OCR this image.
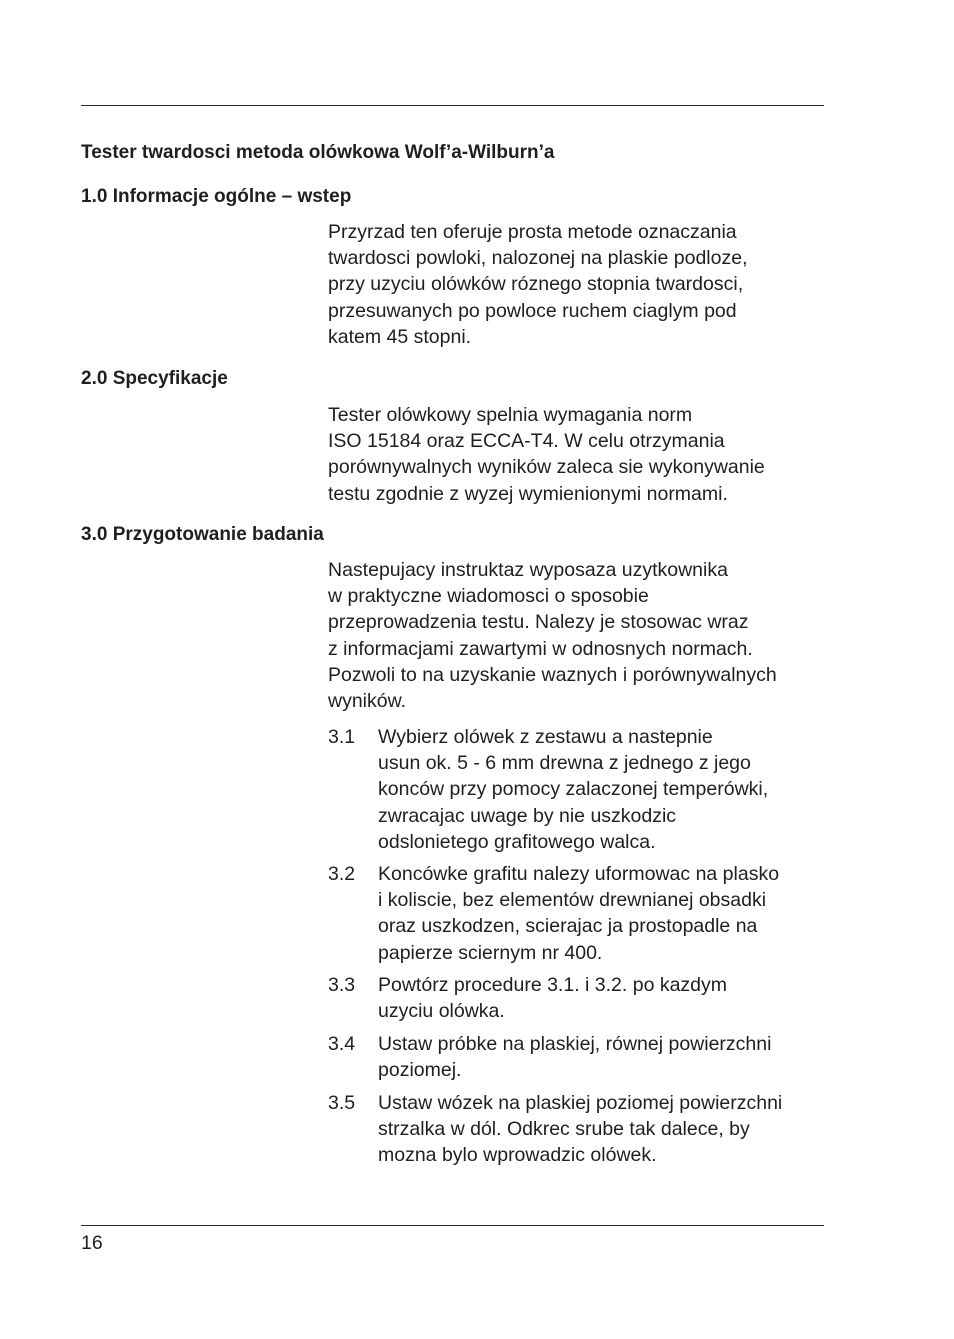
Tester twardosci metoda olówkowa Wolf’a-Wilburn’a
1.0 Informacje ogólne – wstep
Przyrzad ten oferuje prosta metode oznaczania
twardosci powloki, nalozonej na plaskie podloze,
przy uzyciu olówków róznego stopnia twardosci,
przesuwanych po powloce ruchem ciaglym pod
katem 45 stopni.
2.0 Specyfikacje
Tester olówkowy spelnia wymagania norm
ISO 15184 oraz ECCA-T4. W celu otrzymania
porównywalnych wyników zaleca sie wykonywanie
testu zgodnie z wyzej wymienionymi normami.
3.0 Przygotowanie badania
Nastepujacy instruktaz wyposaza uzytkownika
w praktyczne wiadomosci o sposobie
przeprowadzenia testu. Nalezy je stosowac wraz
z informacjami zawartymi w odnosnych normach.
Pozwoli to na uzyskanie waznych i porównywalnych
wyników.
3.1	Wybierz olówek z zestawu a nastepnie
usun ok. 5 - 6 mm drewna z jednego z jego
konców przy pomocy zalaczonej temperówki,
zwracajac uwage by nie uszkodzic
odslonietego grafitowego walca.
3.2	Koncówke grafitu nalezy uformowac na plasko
i koliscie, bez elementów drewnianej obsadki
oraz uszkodzen, scierajac ja prostopadle na
papierze sciernym nr 400.
3.3	Powtórz procedure 3.1. i 3.2. po kazdym
uzyciu olówka.
3.4	Ustaw próbke na plaskiej, równej powierzchni
poziomej.
3.5	Ustaw wózek na plaskiej poziomej powierzchni
strzalka w dól. Odkrec srube tak dalece, by
mozna bylo wprowadzic olówek.
16
